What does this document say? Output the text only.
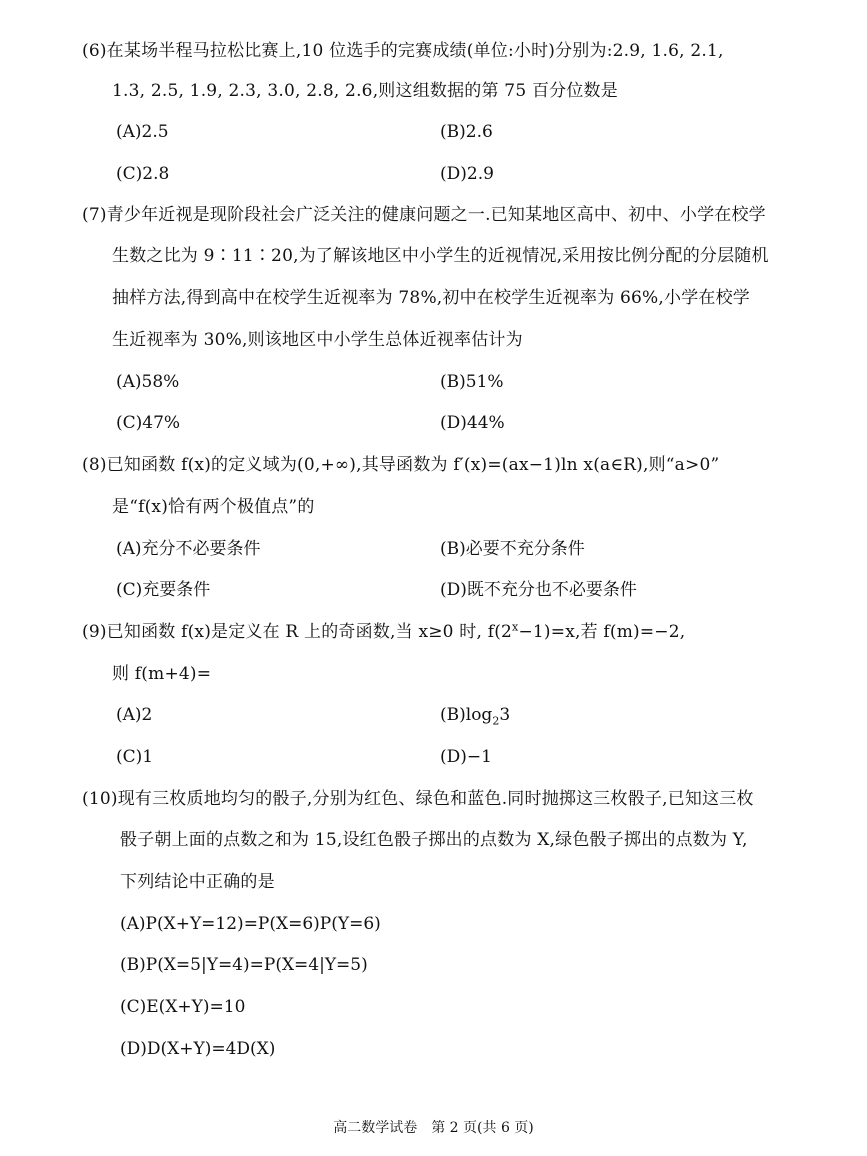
(6)在某场半程马拉松比赛上,10 位选手的完赛成绩(单位:小时)分别为:2.9, 1.6, 2.1,
1.3, 2.5, 1.9, 2.3, 3.0, 2.8, 2.6,则这组数据的第 75 百分位数是
(A)2.5	(B)2.6
(C)2.8	(D)2.9
(7)青少年近视是现阶段社会广泛关注的健康问题之一.已知某地区高中、初中、小学在校学
生数之比为 9∶11∶20,为了解该地区中小学生的近视情况,采用按比例分配的分层随机
抽样方法,得到高中在校学生近视率为 78%,初中在校学生近视率为 66%,小学在校学
生近视率为 30%,则该地区中小学生总体近视率估计为
(A)58%	(B)51%
(C)47%	(D)44%
(8)已知函数 f(x)的定义域为(0,+∞),其导函数为 f′(x)=(ax−1)ln x(a∈R),则“a>0”
是“f(x)恰有两个极值点”的
(A)充分不必要条件	(B)必要不充分条件
(C)充要条件	(D)既不充分也不必要条件
(9)已知函数 f(x)是定义在 R 上的奇函数,当 x≥0 时, $f(2^x-1)=x$,若 f(m)=−2,
则 f(m+4)=
(A)2	$(B)\log_23$
(C)1	(D)−1
(10)现有三枚质地均匀的骰子,分别为红色、绿色和蓝色.同时抛掷这三枚骰子,已知这三枚
骰子朝上面的点数之和为 15,设红色骰子掷出的点数为 X,绿色骰子掷出的点数为 Y,
下列结论中正确的是
(A)P(X+Y=12)=P(X=6)P(Y=6)
(B)P(X=5|Y=4)=P(X=4|Y=5)
(C)E(X+Y)=10
(D)D(X+Y)=4D(X)
高二数学试卷　第 2 页(共 6 页)
